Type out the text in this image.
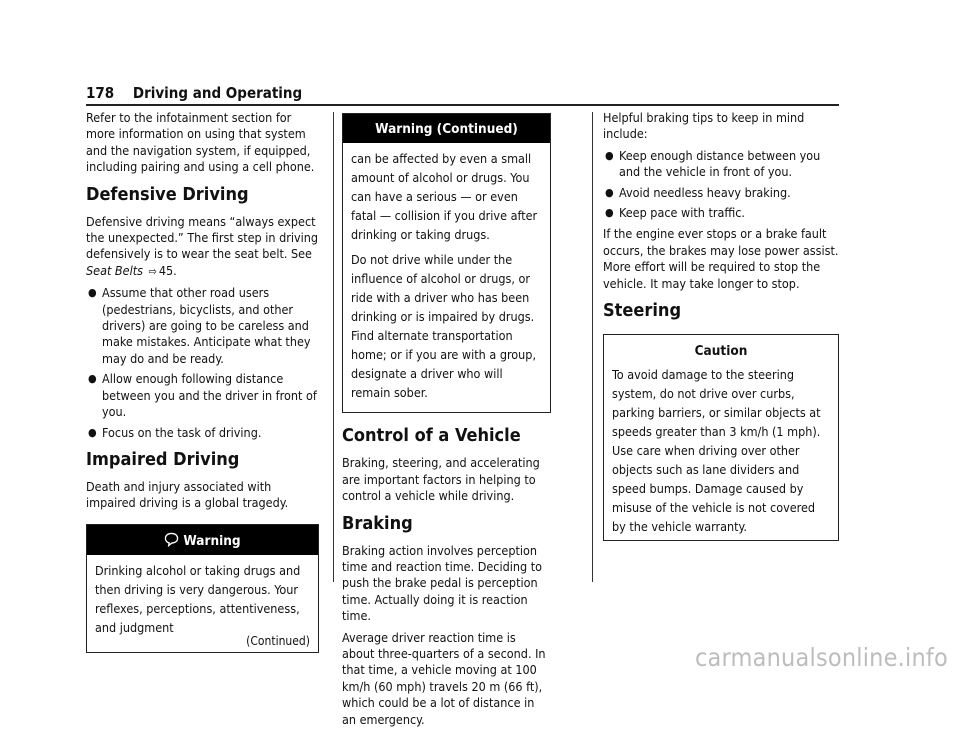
178 Driving and Operating

Refer to the infotainment section for more information on using that system and the navigation system, if equipped, including pairing and using a cell phone.

Defensive Driving

Defensive driving means “always expect the unexpected.” The first step in driving defensively is to wear the seat belt. See
Seat Belts ⇨ 45.

● Assume that other road users (pedestrians, bicyclists, and other drivers) are going to be careless and make mistakes. Anticipate what they may do and be ready.
● Allow enough following distance between you and the driver in front of you.
● Focus on the task of driving.
Impaired Driving

Death and injury associated with impaired driving is a global tragedy.

Warning
Drinking alcohol or taking drugs and then driving is very dangerous. Your reflexes, perceptions, attentiveness, and judgment
(Continued)
Warning (Continued)

can be affected by even a small amount of alcohol or drugs. You can have a serious — or even fatal — collision if you drive after drinking or taking drugs.

Do not drive while under the influence of alcohol or drugs, or ride with a driver who has been drinking or is impaired by drugs. Find alternate transportation home; or if you are with a group, designate a driver who will remain sober.

Control of a Vehicle

Braking, steering, and accelerating are important factors in helping to control a vehicle while driving.

Braking

Braking action involves perception time and reaction time. Deciding to push the brake pedal is perception time. Actually doing it is reaction time.

Average driver reaction time is about three-quarters of a second. In that time, a vehicle moving at 100 km/h (60 mph) travels 20 m (66 ft), which could be a lot of distance in an emergency.

Helpful braking tips to keep in mind include:

● Keep enough distance between you and the vehicle in front of you.
● Avoid needless heavy braking.
● Keep pace with traffic.

If the engine ever stops or a brake fault occurs, the brakes may lose power assist. More effort will be required to stop the vehicle. It may take longer to stop.

Steering
Caution
To avoid damage to the steering system, do not drive over curbs, parking barriers, or similar objects at speeds greater than 3 km/h (1 mph). Use care when driving over other objects such as lane dividers and speed bumps. Damage caused by misuse of the vehicle is not covered by the vehicle warranty.
carmanualsonline.info
